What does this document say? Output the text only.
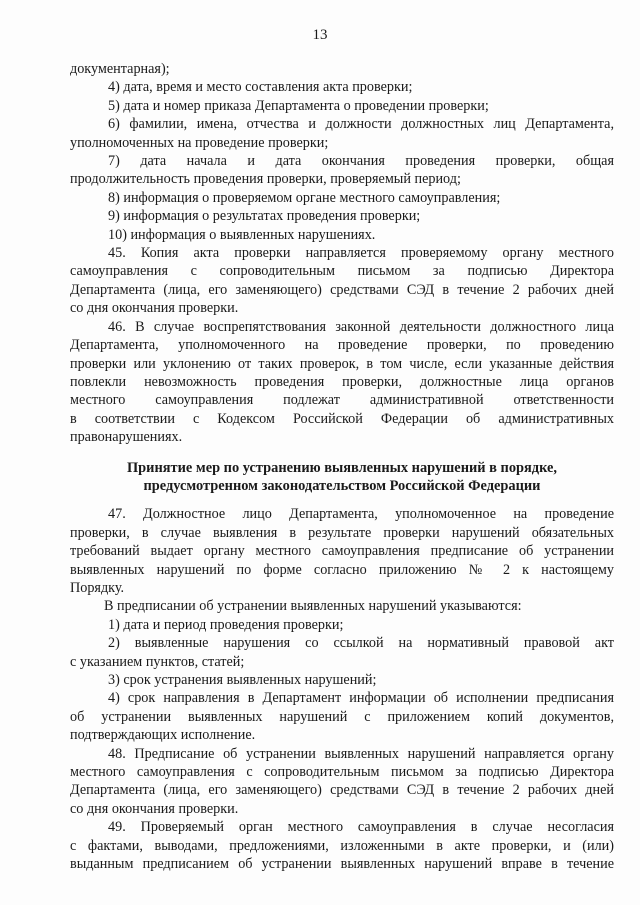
13
документарная);
4) дата, время и место составления акта проверки;
5) дата и номер приказа Департамента о проведении проверки;
6) фамилии, имена, отчества и должности должностных лиц Департамента,
уполномоченных на проведение проверки;
7) дата начала и дата окончания проведения проверки, общая
продолжительность проведения проверки, проверяемый период;
8) информация о проверяемом органе местного самоуправления;
9) информация о результатах проведения проверки;
10) информация о выявленных нарушениях.
45. Копия акта проверки направляется проверяемому органу местного
самоуправления с сопроводительным письмом за подписью Директора
Департамента (лица, его заменяющего) средствами СЭД в течение 2 рабочих дней
со дня окончания проверки.
46. В случае воспрепятствования законной деятельности должностного лица
Департамента, уполномоченного на проведение проверки, по проведению
проверки или уклонению от таких проверок, в том числе, если указанные действия
повлекли невозможность проведения проверки, должностные лица органов
местного самоуправления подлежат административной ответственности
в соответствии с Кодексом Российской Федерации об административных
правонарушениях.
Принятие мер по устранению выявленных нарушений в порядке,
предусмотренном законодательством Российской Федерации
47. Должностное лицо Департамента, уполномоченное на проведение
проверки, в случае выявления в результате проверки нарушений обязательных
требований выдает органу местного самоуправления предписание об устранении
выявленных нарушений по форме согласно приложению № 2 к настоящему
Порядку.
В предписании об устранении выявленных нарушений указываются:
1) дата и период проведения проверки;
2) выявленные нарушения со ссылкой на нормативный правовой акт
с указанием пунктов, статей;
3) срок устранения выявленных нарушений;
4) срок направления в Департамент информации об исполнении предписания
об устранении выявленных нарушений с приложением копий документов,
подтверждающих исполнение.
48. Предписание об устранении выявленных нарушений направляется органу
местного самоуправления с сопроводительным письмом за подписью Директора
Департамента (лица, его заменяющего) средствами СЭД в течение 2 рабочих дней
со дня окончания проверки.
49. Проверяемый орган местного самоуправления в случае несогласия
с фактами, выводами, предложениями, изложенными в акте проверки, и (или)
выданным предписанием об устранении выявленных нарушений вправе в течение
